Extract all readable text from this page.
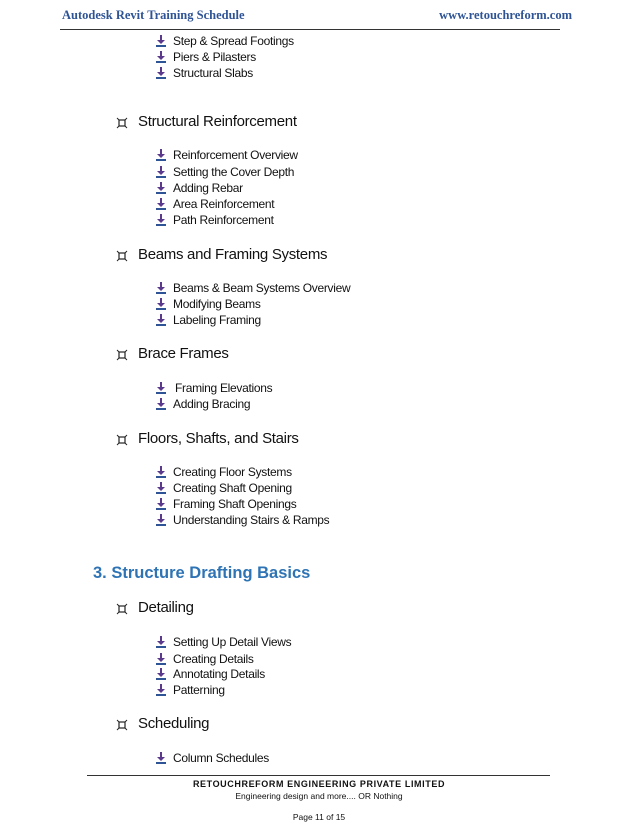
Autodesk Revit Training Schedule	www.retouchreform.com
Step & Spread Footings
Piers & Pilasters
Structural Slabs
Structural Reinforcement
Reinforcement Overview
Setting the Cover Depth
Adding Rebar
Area Reinforcement
Path Reinforcement
Beams and Framing Systems
Beams & Beam Systems Overview
Modifying Beams
Labeling Framing
Brace Frames
Framing Elevations
Adding Bracing
Floors, Shafts, and Stairs
Creating Floor Systems
Creating Shaft Opening
Framing Shaft Openings
Understanding Stairs & Ramps
3. Structure Drafting Basics
Detailing
Setting Up Detail Views
Creating Details
Annotating Details
Patterning
Scheduling
Column Schedules
RETOUCHREFORM ENGINEERING PRIVATE LIMITED
Engineering design and more.... OR Nothing
Page 11 of 15
